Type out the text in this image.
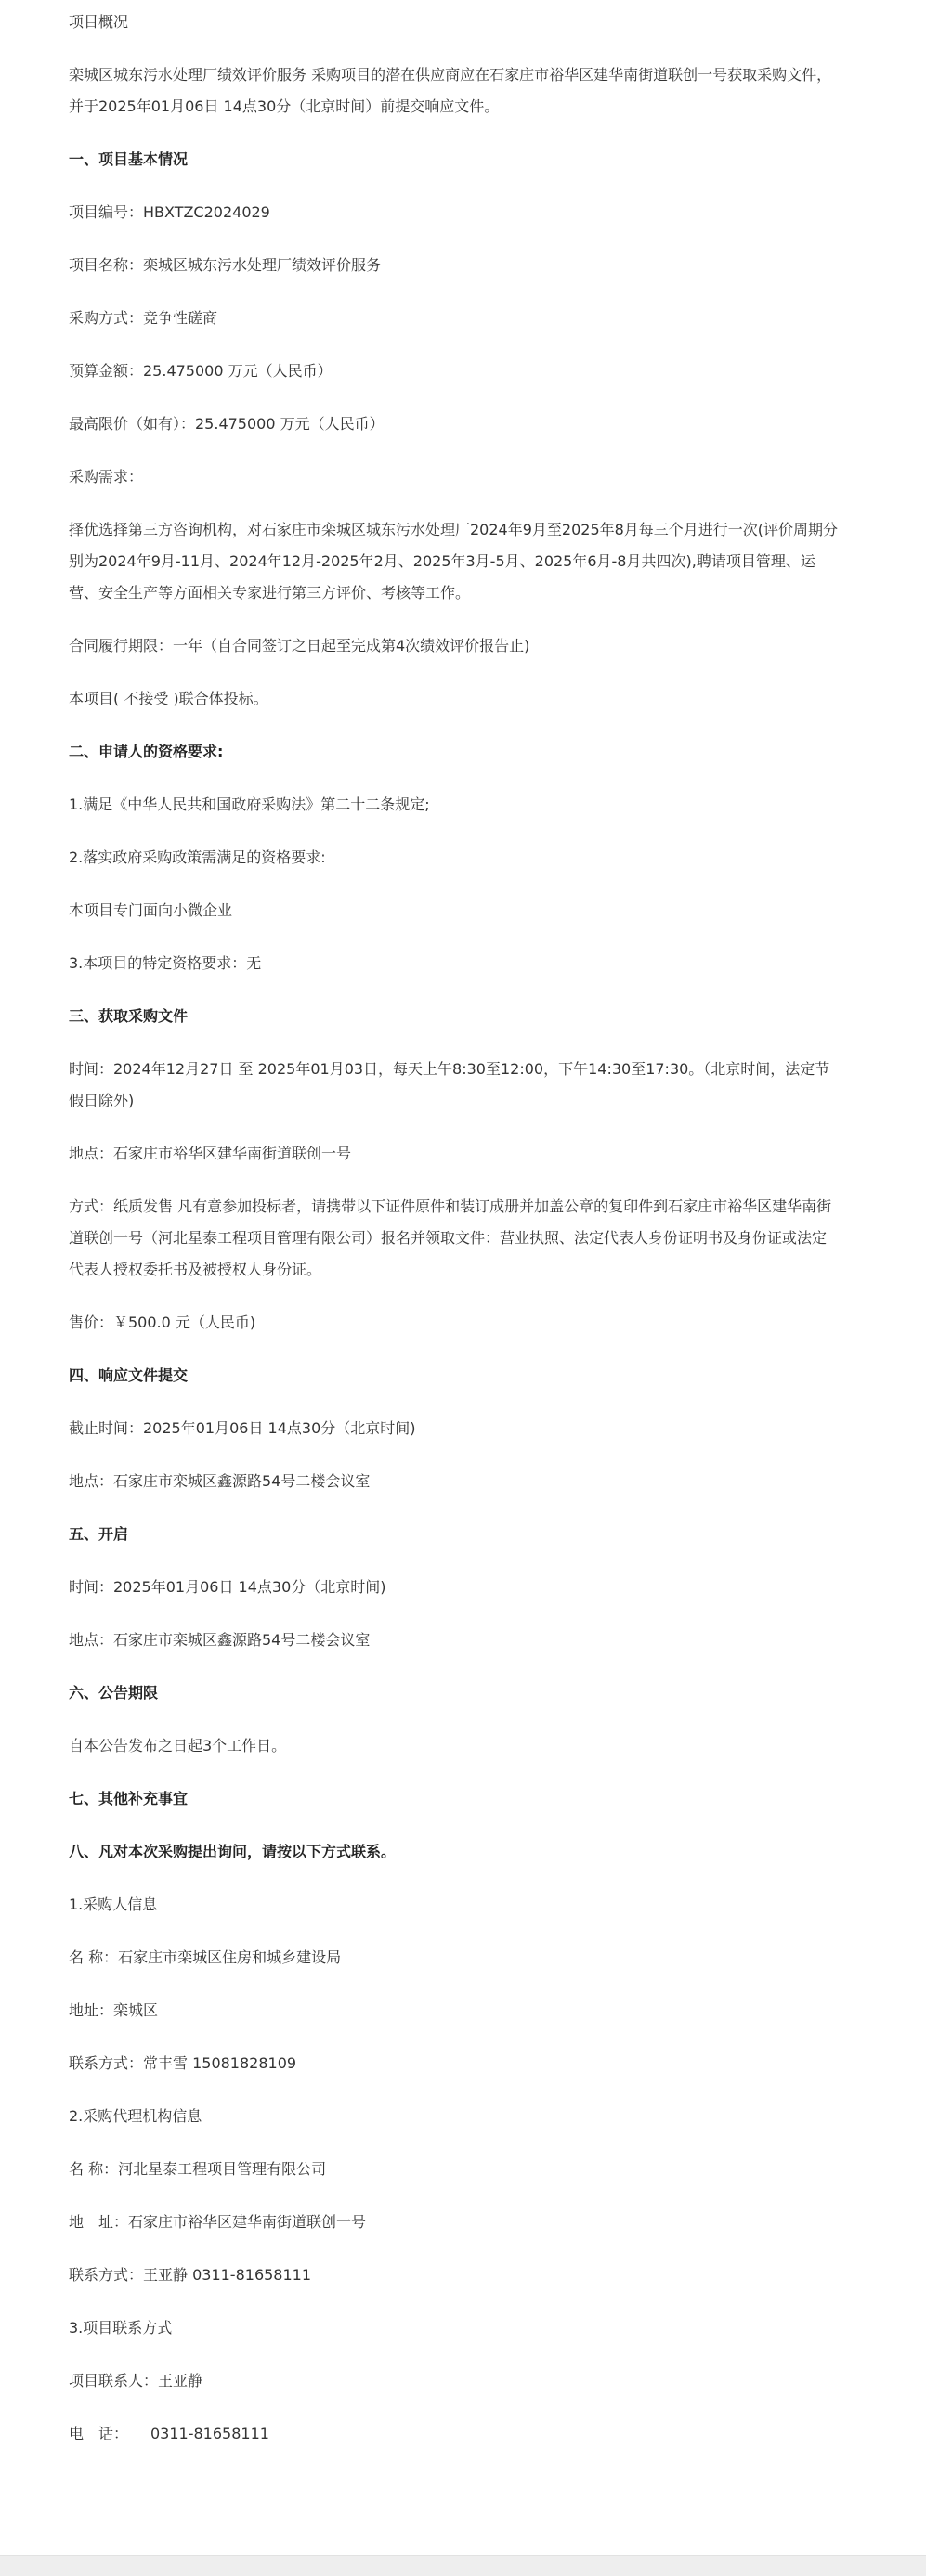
项目概况

栾城区城东污水处理厂绩效评价服务 采购项目的潜在供应商应在石家庄市裕华区建华南街道联创一号获取采购文件，并于2025年01月06日 14点30分（北京时间）前提交响应文件。

一、项目基本情况

项目编号：HBXTZC2024029

项目名称：栾城区城东污水处理厂绩效评价服务

采购方式：竞争性磋商

预算金额：25.475000 万元（人民币）

最高限价（如有）：25.475000 万元（人民币）

采购需求：

择优选择第三方咨询机构，对石家庄市栾城区城东污水处理厂2024年9月至2025年8月每三个月进行一次(评价周期分别为2024年9月-11月、2024年12月-2025年2月、2025年3月-5月、2025年6月-8月共四次),聘请项目管理、运营、安全生产等方面相关专家进行第三方评价、考核等工作。

合同履行期限：一年（自合同签订之日起至完成第4次绩效评价报告止)

本项目( 不接受 )联合体投标。

二、申请人的资格要求:

1.满足《中华人民共和国政府采购法》第二十二条规定;

2.落实政府采购政策需满足的资格要求:

本项目专门面向小微企业

3.本项目的特定资格要求：无

三、获取采购文件

时间：2024年12月27日 至 2025年01月03日，每天上午8:30至12:00，下午14:30至17:30。（北京时间，法定节假日除外)

地点：石家庄市裕华区建华南街道联创一号

方式：纸质发售 凡有意参加投标者，请携带以下证件原件和装订成册并加盖公章的复印件到石家庄市裕华区建华南街道联创一号（河北星泰工程项目管理有限公司）报名并领取文件：营业执照、法定代表人身份证明书及身份证或法定代表人授权委托书及被授权人身份证。

售价：￥500.0 元（人民币)

四、响应文件提交

截止时间：2025年01月06日 14点30分（北京时间)

地点：石家庄市栾城区鑫源路54号二楼会议室

五、开启

时间：2025年01月06日 14点30分（北京时间)

地点：石家庄市栾城区鑫源路54号二楼会议室

六、公告期限

自本公告发布之日起3个工作日。

七、其他补充事宜

八、凡对本次采购提出询问，请按以下方式联系。

1.采购人信息

名 称：石家庄市栾城区住房和城乡建设局

地址：栾城区

联系方式：常丰雪 15081828109

2.采购代理机构信息

名 称：河北星泰工程项目管理有限公司

地　址：石家庄市裕华区建华南街道联创一号

联系方式：王亚静 0311-81658111

3.项目联系方式

项目联系人：王亚静

电　话：　　0311-81658111
